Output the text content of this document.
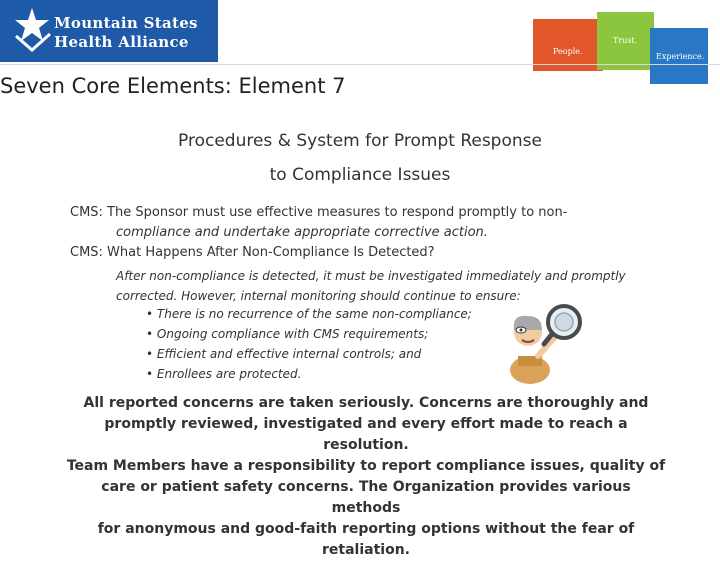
Mountain States
Health Alliance
People.
Trust.
Experience.
Seven Core Elements: Element 7
Procedures & System for Prompt Response
to Compliance Issues
CMS: The Sponsor must use effective measures to respond promptly to non-
compliance and undertake appropriate corrective action.
CMS: What Happens After Non-Compliance Is Detected?
After non-compliance is detected, it must be investigated immediately and promptly
corrected. However, internal monitoring should continue to ensure:
• There is no recurrence of the same non-compliance;
• Ongoing compliance with CMS requirements;
• Efficient and effective internal controls; and
• Enrollees are protected.
All reported concerns are taken seriously. Concerns are thoroughly and
promptly reviewed, investigated and every effort made to reach a resolution.
Team Members have a responsibility to report compliance issues, quality of
care or patient safety concerns. The Organization provides various methods
for anonymous and good-faith reporting options without the fear of
retaliation.
